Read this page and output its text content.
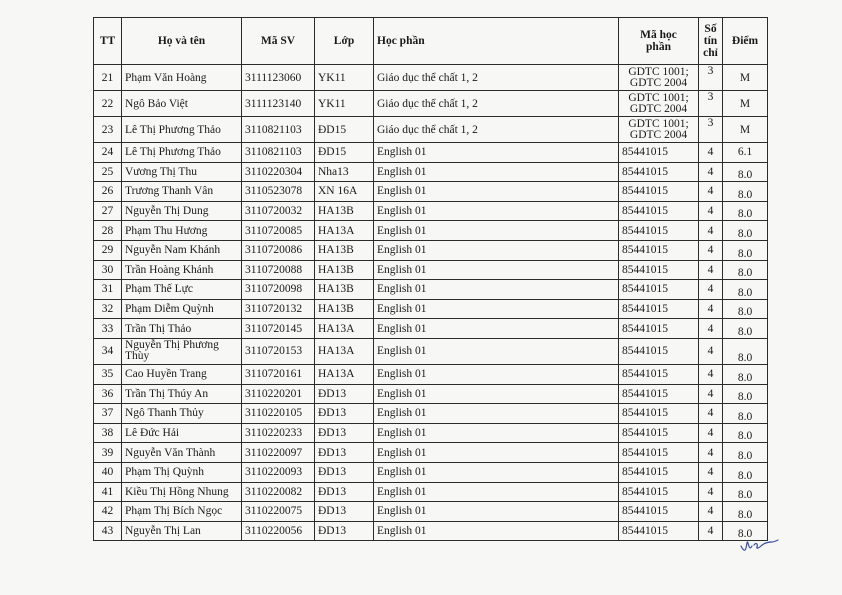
TT	Họ và tên	Mã SV	Lớp	Học phần	Mã học phần	Số tín chỉ	Điểm
21	Phạm Văn Hoàng	3111123060	YK11	Giáo dục thể chất 1, 2	GDTC 1001; GDTC 2004	3	M
22	Ngô Bảo Việt	3111123140	YK11	Giáo dục thể chất 1, 2	GDTC 1001; GDTC 2004	3	M
23	Lê Thị Phương Thảo	3110821103	ĐD15	Giáo dục thể chất 1, 2	GDTC 1001; GDTC 2004	3	M
24	Lê Thị Phương Thảo	3110821103	ĐD15	English 01	85441015	4	6.1
25	Vương Thị Thu	3110220304	Nha13	English 01	85441015	4	8.0
26	Trương Thanh Vân	3110523078	XN 16A	English 01	85441015	4	8.0
27	Nguyễn Thị Dung	3110720032	HA13B	English 01	85441015	4	8.0
28	Phạm Thu Hương	3110720085	HA13A	English 01	85441015	4	8.0
29	Nguyễn Nam Khánh	3110720086	HA13B	English 01	85441015	4	8.0
30	Trần Hoàng Khánh	3110720088	HA13B	English 01	85441015	4	8.0
31	Phạm Thế Lực	3110720098	HA13B	English 01	85441015	4	8.0
32	Phạm Diễm Quỳnh	3110720132	HA13B	English 01	85441015	4	8.0
33	Trần Thị Thảo	3110720145	HA13A	English 01	85441015	4	8.0
34	Nguyễn Thị Phương Thùy	3110720153	HA13A	English 01	85441015	4	8.0
35	Cao Huyền Trang	3110720161	HA13A	English 01	85441015	4	8.0
36	Trần Thị Thúy An	3110220201	ĐD13	English 01	85441015	4	8.0
37	Ngô Thanh Thủy	3110220105	ĐD13	English 01	85441015	4	8.0
38	Lê Đức Hải	3110220233	ĐD13	English 01	85441015	4	8.0
39	Nguyễn Văn Thành	3110220097	ĐD13	English 01	85441015	4	8.0
40	Phạm Thị Quỳnh	3110220093	ĐD13	English 01	85441015	4	8.0
41	Kiều Thị Hồng Nhung	3110220082	ĐD13	English 01	85441015	4	8.0
42	Phạm Thị Bích Ngọc	3110220075	ĐD13	English 01	85441015	4	8.0
43	Nguyễn Thị Lan	3110220056	ĐD13	English 01	85441015	4	8.0
